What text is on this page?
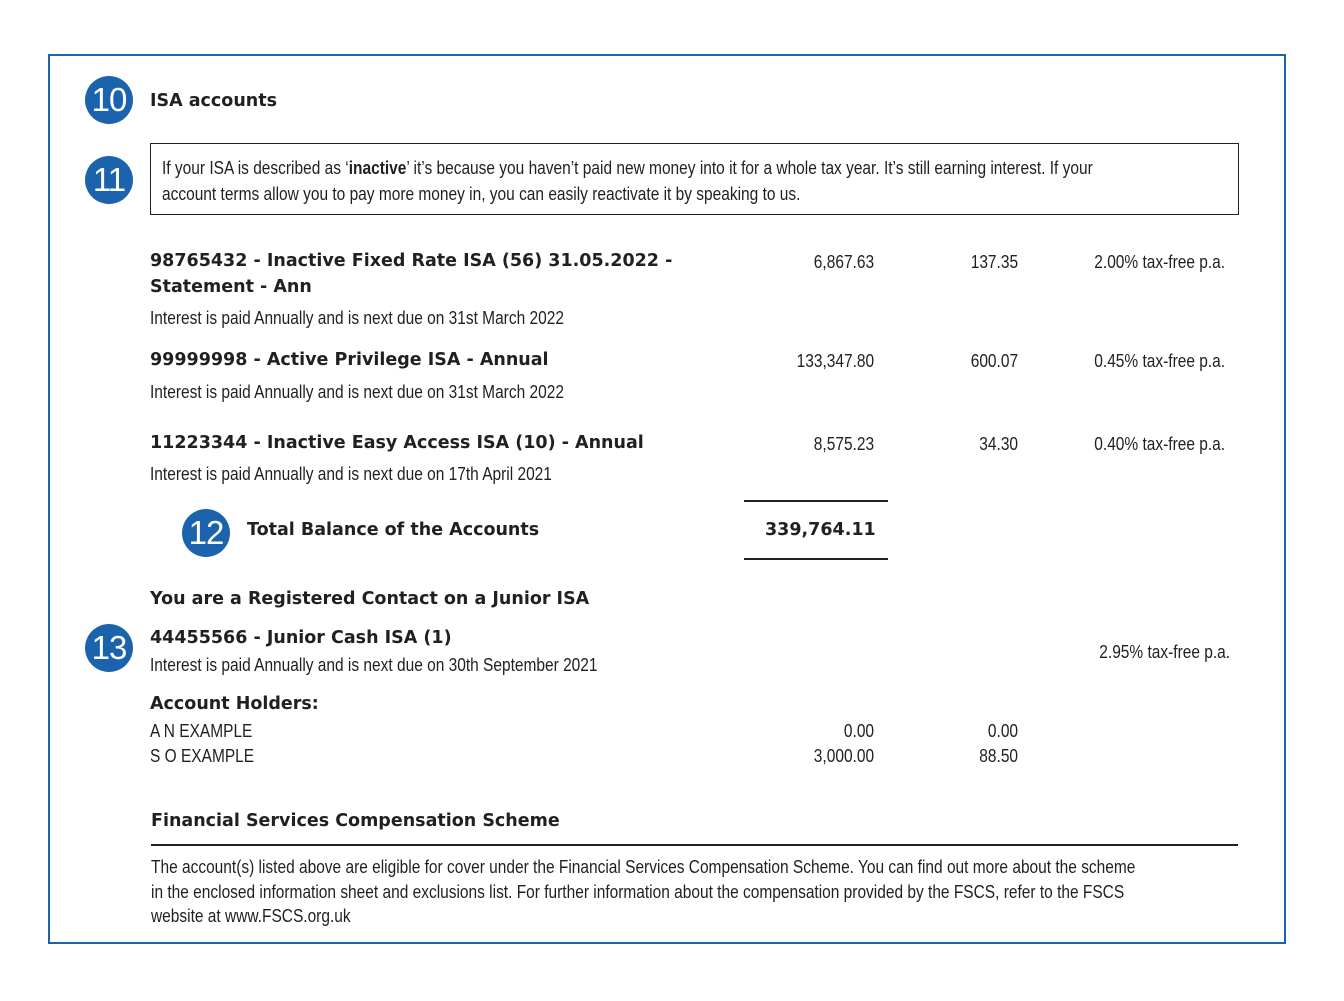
10	ISA accounts
11	If your ISA is described as ‘inactive’ it’s because you haven’t paid new money into it for a whole tax year. It’s still earning interest. If your
account terms allow you to pay more money in, you can easily reactivate it by speaking to us.
98765432 - Inactive Fixed Rate ISA (56) 31.05.2022 -
Statement - Ann
Interest is paid Annually and is next due on 31st March 2022
6,867.63	137.35	2.00% tax-free p.a.
99999998 - Active Privilege ISA - Annual
Interest is paid Annually and is next due on 31st March 2022
133,347.80	600.07	0.45% tax-free p.a.
11223344 - Inactive Easy Access ISA (10) - Annual
Interest is paid Annually and is next due on 17th April 2021
8,575.23	34.30	0.40% tax-free p.a.
12	Total Balance of the Accounts	339,764.11
You are a Registered Contact on a Junior ISA
13	44455566 - Junior Cash ISA (1)
Interest is paid Annually and is next due on 30th September 2021
2.95% tax-free p.a.
Account Holders:
A N EXAMPLE	0.00	0.00
S O EXAMPLE	3,000.00	88.50
Financial Services Compensation Scheme
The account(s) listed above are eligible for cover under the Financial Services Compensation Scheme. You can find out more about the scheme
in the enclosed information sheet and exclusions list. For further information about the compensation provided by the FSCS, refer to the FSCS
website at www.FSCS.org.uk
